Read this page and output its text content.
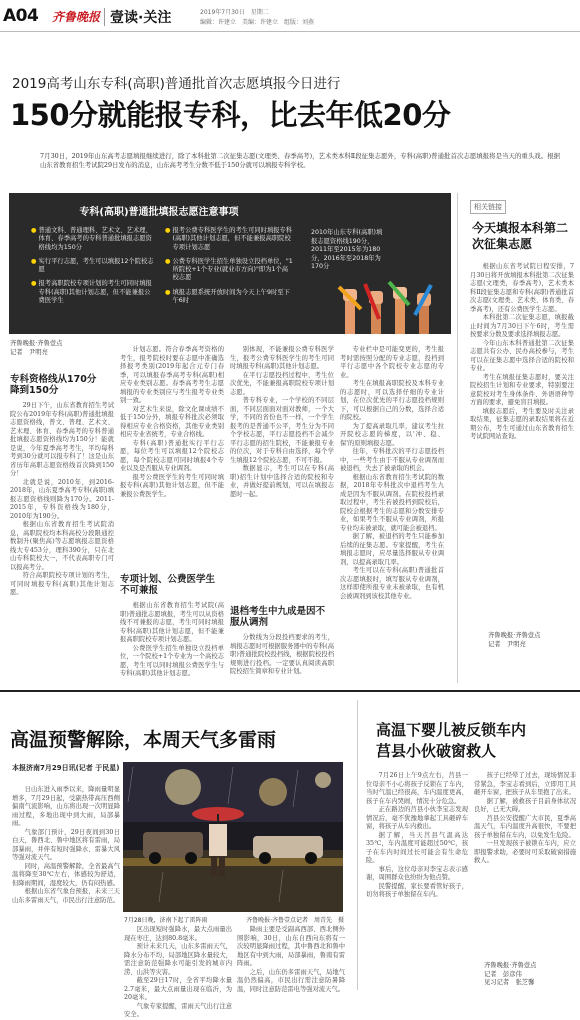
A04 齐鲁晚报 壹读·关注	2019年7月30日　星期二
编辑：许建立　美编：许建立　组版：刘燕
2019高考山东专科(高职)普通批首次志愿填报今日进行
150分就能报专科，比去年低20分
7月30日，2019年山东高考志愿填报继续进行，除了本科批第二次征集志愿(文理类、春季高考)，艺术类本科Ⅱ段征集志愿外，专科(高职)普通批首次志愿填报将是当天的重头戏。根据山东省教育招生考试院29日发布的消息，山东高考考生分数不低于150分就可以填报专科学校。
专科(高职)普通批填报志愿注意事项
● 普通文科、普通理科、艺术文、艺术理、体育、春季高考的专科普通批填报志愿资格线均为150分
● 实行平行志愿，考生可以填报12个院校志愿
● 报考高职院校专项计划的考生可同时填报专科(高职)其他计划志愿，但不能兼报公费医学生
● 报考公费专科医学生的考生可同时填报专科(高职)其他计划志愿，但不能兼报高职院校专项计划志愿
● 公费专科医学生招生单独设立投档单位，"1所院校+1个专业(就业市方向)"即为1个高校志愿
● 填报志愿系统开放时间为今天上午9时至下午6时
2010年山东专科(高职)填报志愿资格线190分，2011年至2015年为180分，2016年至2018年为170分
齐鲁晚报·齐鲁壹点
记者　尹明亮
专科资格线从170分降到150分

29日下午，山东省教育招生考试院公布2019年专科(高职)普通批填报志愿资格线，普文、普理、艺术文、艺术理、体育、春季高考的专科普通批填报志愿资格线均为150分！能就是说，今年夏季高考考生，平均每科考到30分就可以报专科了！这是山东省历年高职志愿资格线首次降到150分！

北就是说，2010年，到2016-2018年，山东夏季高考专科(高职)填报志愿资格线则降为170分。2011-2015年，专科资格线为180分，2010年为190分。

根据山东省教育招生考试院消息，高职院校均本科高校分段限通控数制升(聚焦高)等志愿填报志愿资格线大专453分，理科390分，只在北山专科院校大一，不代表高职专门可以报高考分。

符合高职院校专项计划的考生，可同时填报专科(高职)其他计划志愿。

计划志愿。符合春季高考资格的考生，报考院校时要在志愿中准确选择报考类别(2019年起合元专门春季，可以填报春季高考专科(高职)相应专业类别志愿。春季高考考生志愿填报的专业类别应与考生报考专业类别一致。

对艺术生来说，除文化课成绩不低于150分外，填报专科批次必须取得相应专业合格资格，其他专业类别相应专业省统考，专业合格线。

专科(高职)普通批实行平行志愿，每位考生可以填报12个院校志愿，每个院校志愿可同时填报4个专业以及是否服从专业调剂。

报考公费医学生的考生可同时填报专科(高职)其他计划志愿，但不能兼报公费医学生。

专项计划、公费医学生不可兼报

根据山东省教育招生考试院(高职)普通批志愿填报，考生可以从资格线不可兼报的志愿，考生可同时填报专科(高职)其他计划志愿，但不能兼报高职院校专项计划志愿。

公费医学生招生单独设立投档单位，一个院校+1个专业为一个高校志愿，考生可以同时填报公费医学生与专科(高职)其他计划志愿。

别体现，不能兼报公费专科医学生，报考公费专科医学生的考生可同时填报专科(高职)其他计划志愿。

在平行志愿投档过程中，考生位次优先，不能兼报高职院校专项计划志愿。

普专科专业，一个学校的不同层面，不同层面面对面对教师，一个大学，不同的省份也不一样，一个学生报考的是普通不公平，考生分为不同个学校志愿，平行志愿投档不会减少平行志愿的招生院校，不能兼报专业的位次，对于专科自由选择，每个学生填报12个院校志愿，不可不报。

数据显示，考生可以在专科(高职)招生计划中选择合适的院校和专业，并做好提前规划，可以在填报志愿时一起。

退档考生中九成是因不服从调剂

分数线为分段投档要求的考生，填报志愿时可根据服务器中的专科(高职)普通批院校投档线，根据院校投档规则进行投档。一定要认真阅读高职院校招生简章和专业计划。

专业栏中是可能变更的，考生报考时需按照分配的专业志愿，投档到平行志愿中各个院校专业志愿的专业。

考生在填报高职院校及本科专业的志愿时，可以选择仔细的专业计划，在位次优先的平行志愿投档规则下，可以根据自己的分数，选择合适的院校。

为了提高录取几率，建议考生拉开院校志愿的梯度，以'冲、稳、保'的原则填报志愿。

往年，专科批次的平行志愿投档中，一些考生由于不服从专业调剂而被退档，失去了被录取的机会。

根据山东省教育招生考试院的数据，2018年专科批次中退档考生九成是因为不服从调剂。在院校投档录取过程中，考生若被投档到院校后，院校会根据考生的志愿和分数安排专业，如果考生不服从专业调剂，所报专业均未被录取，就可能会被退档。

据了解，被退档的考生只能参加后续的征集志愿。专家提醒，考生在填报志愿时，应尽量选择服从专业调剂，以提高录取几率。

考生可以在专科(高职)普通批首次志愿填报时，填写服从专业调剂，这样即使所报专业未被录取，也有机会被调剂到该校其他专业。

相关链接
今天填报本科第二次征集志愿

根据山东省考试院日程安排，7月30日将开放填报本科批第二次征集志愿(文理类，春季高考)，艺术类本科Ⅱ段征集志愿和专科(高职)普通批首次志愿(文理类、艺术类、体育类、春季高考)，还有公费医学生志愿。

本科批第二次征集志愿，填报截止时间为7月30日下午6时，考生需按要求分数及要求选择填报志愿。

今年山东本科普通批第二次征集志愿共有公办、民办高校参与，考生可以在征集志愿中选择合适的院校和专业。

考生在填报征集志愿时，要关注院校招生计划和专业要求，特别要注意院校对考生身体条件、外语语种等方面的要求，避免盲目填报。

填报志愿后，考生要及时关注录取结果，征集志愿的录取结果将在近期公布，考生可通过山东省教育招生考试院网站查询。

齐鲁晚报·齐鲁壹点
记者　尹明亮
高温预警解除，本周天气多雷雨
本报济南7月29日讯(记者 于民星)

日山东进入雨季以来，降雨量明显增多，7月29日起，受副热带高压西侧偏南气流影响，山东将出现一次明显降雨过程，多地出现中到大雨，局部暴雨。

气象部门预计，29日夜间到30日白天，鲁西北、鲁中地区将有雷雨，局部暴雨，并伴有短时强降水、雷暴大风等强对流天气。

同时，高温预警解除，全省最高气温将降至30℃左右，体感较为舒适，但降雨期间，湿度较大，仍有闷热感。

根据山东省气象台预报，未来三天山东多雷雨天气，市民出行注意防范。

7月28日晚，济南下起了雷阵雨	齐鲁晚报·齐鲁壹点记者　周青先　摄

区出现短时强降水，最大点雨量出现在枣庄，达到80.8毫米。

预计未来几天，山东多雷雨天气，降水分布不均，局部地区降水量较大，需注意防范强降水可能引发的城市内涝、山洪等灾害。

截至29日17时，全省平均降水量2.7毫米，最大点雨量出现在临沂，为20毫米。

气象专家提醒，雷雨天气出行注意安全。

降雨主要是受副高西部、西北侧外围影响，30日，山东自西向东将有一次较明显降雨过程，其中鲁西北和鲁中地区有中到大雨，局部暴雨，鲁南有雷阵雨。

之后，山东仍多雷雨天气，局地气温仍然偏高，市民出行需注意防暑降温，同时注意防范雷电等强对流天气。

高温下婴儿被反锁车内
莒县小伙破窗救人

7月26日上午9点左右，莒县一位母亲不小心将孩子反锁在了车内，当时气温已经很高，车内温度更高，孩子在车内哭闹，情况十分危急。

正在路边的莒县小伙李宝志发现情况后，毫不犹豫地拿起工具砸碎车窗，将孩子从车内救出。

据了解，当天莒县气温高达35℃，车内温度可能超过50℃，孩子在车内时间过长可能会有生命危险。

事后，这位母亲对李宝志表示感谢，周围群众也纷纷为他点赞。

民警提醒，家长要看管好孩子，切勿将孩子单独留在车内。

孩子已经晕了过去，现场情况非常紧急，李宝志看到后，立即用工具砸开车窗，把孩子从车里抱了出来。

据了解，被救孩子目前身体状况良好，已无大碍。

莒县公安提醒广大市民，夏季高温天气，车内温度升高很快，不要把孩子单独留在车内，以免发生危险。

一旦发现孩子被锁在车内，应立即报警求助，必要时可采取破窗措施救人。

齐鲁晚报·齐鲁壹点
记者　彭彦伟
见习记者　张芝馨
